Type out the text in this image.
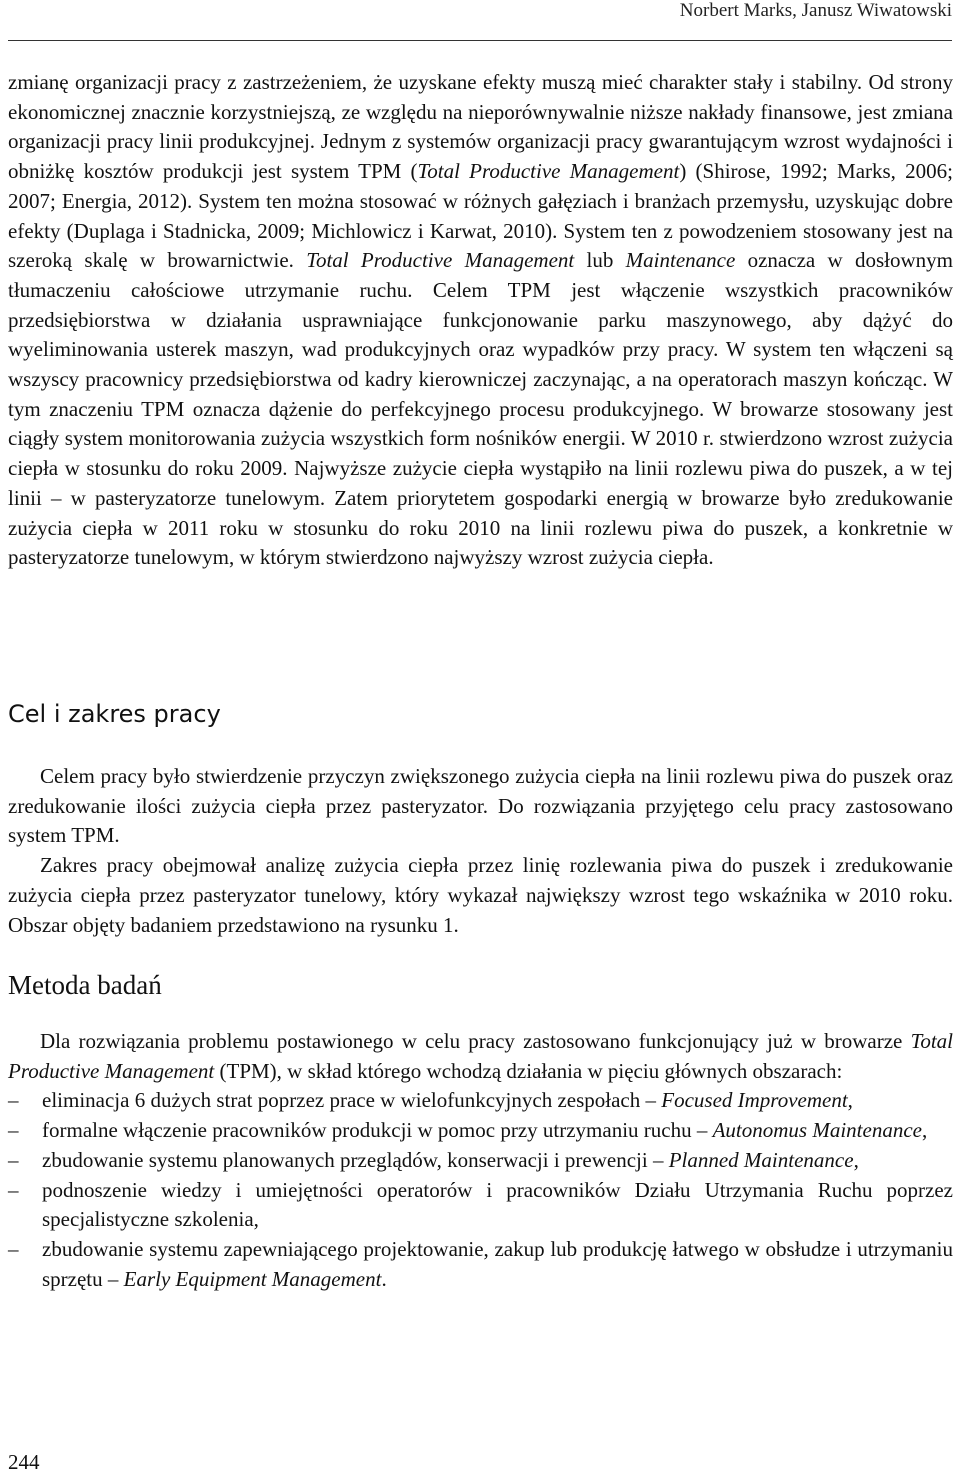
Norbert Marks, Janusz Wiwatowski

zmianę organizacji pracy z zastrzeżeniem, że uzyskane efekty muszą mieć charakter stały i stabilny. Od strony ekonomicznej znacznie korzystniejszą, ze względu na nieporównywalnie niższe nakłady finansowe, jest zmiana organizacji pracy linii produkcyjnej. Jednym z systemów organizacji pracy gwarantującym wzrost wydajności i obniżkę kosztów produkcji jest system TPM (Total Productive Management) (Shirose, 1992; Marks, 2006; 2007; Energia, 2012). System ten można stosować w różnych gałęziach i branżach przemysłu, uzyskując dobre efekty (Duplaga i Stadnicka, 2009; Michlowicz i Karwat, 2010). System ten z powodzeniem stosowany jest na szeroką skalę w browarnictwie. Total Productive Management lub Maintenance oznacza w dosłownym tłumaczeniu całościowe utrzymanie ruchu. Celem TPM jest włączenie wszystkich pracowników przedsiębiorstwa w działania usprawniające funkcjonowanie parku maszynowego, aby dążyć do wyeliminowania usterek maszyn, wad produkcyjnych oraz wypadków przy pracy. W system ten włączeni są wszyscy pracownicy przedsiębiorstwa od kadry kierowniczej zaczynając, a na operatorach maszyn kończąc. W tym znaczeniu TPM oznacza dążenie do perfekcyjnego procesu produkcyjnego. W browarze stosowany jest ciągły system monitorowania zużycia wszystkich form nośników energii. W 2010 r. stwierdzono wzrost zużycia ciepła w stosunku do roku 2009. Najwyższe zużycie ciepła wystąpiło na linii rozlewu piwa do puszek, a w tej linii – w pasteryzatorze tunelowym. Zatem priorytetem gospodarki energią w browarze było zredukowanie zużycia ciepła w 2011 roku w stosunku do roku 2010 na linii rozlewu piwa do puszek, a konkretnie w pasteryzatorze tunelowym, w którym stwierdzono najwyższy wzrost zużycia ciepła.

Cel i zakres pracy

Celem pracy było stwierdzenie przyczyn zwiększonego zużycia ciepła na linii rozlewu piwa do puszek oraz zredukowanie ilości zużycia ciepła przez pasteryzator. Do rozwiązania przyjętego celu pracy zastosowano system TPM.

Zakres pracy obejmował analizę zużycia ciepła przez linię rozlewania piwa do puszek i zredukowanie zużycia ciepła przez pasteryzator tunelowy, który wykazał największy wzrost tego wskaźnika w 2010 roku. Obszar objęty badaniem przedstawiono na rysunku 1.

Metoda badań

Dla rozwiązania problemu postawionego w celu pracy zastosowano funkcjonujący już w browarze Total Productive Management (TPM), w skład którego wchodzą działania w pięciu głównych obszarach:

– eliminacja 6 dużych strat poprzez prace w wielofunkcyjnych zespołach – Focused Improvement,
– formalne włączenie pracowników produkcji w pomoc przy utrzymaniu ruchu – Autonomus Maintenance,
– zbudowanie systemu planowanych przeglądów, konserwacji i prewencji – Planned Maintenance,
– podnoszenie wiedzy i umiejętności operatorów i pracowników Działu Utrzymania Ruchu poprzez specjalistyczne szkolenia,
– zbudowanie systemu zapewniającego projektowanie, zakup lub produkcję łatwego w obsłudze i utrzymaniu sprzętu – Early Equipment Management.
244
